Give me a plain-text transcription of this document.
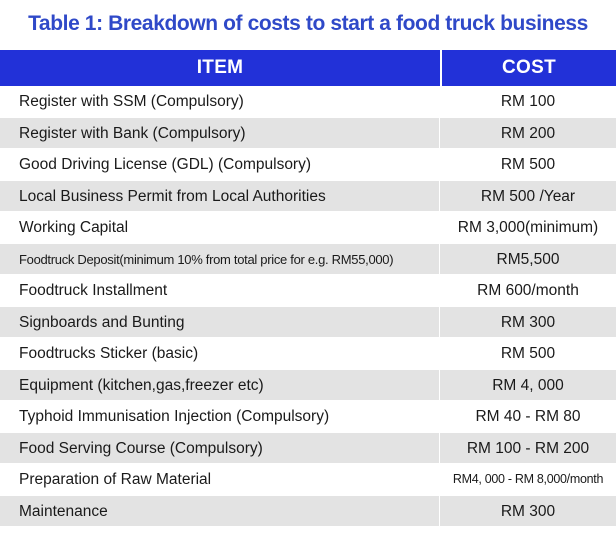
Table 1: Breakdown of costs to start a food truck business
ITEM	COST
Register with SSM (Compulsory)	RM 100
Register with Bank (Compulsory)	RM 200
Good Driving License (GDL) (Compulsory)	RM 500
Local Business Permit from Local Authorities	RM 500 /Year
Working Capital	RM 3,000(minimum)
Foodtruck Deposit(minimum 10% from total price for e.g. RM55,000)	RM5,500
Foodtruck Installment	RM 600/month
Signboards and Bunting	RM 300
Foodtrucks Sticker (basic)	RM 500
Equipment (kitchen,gas,freezer etc)	RM 4, 000
Typhoid Immunisation Injection (Compulsory)	RM 40 - RM 80
Food Serving Course (Compulsory)	RM 100 - RM 200
Preparation of Raw Material	RM4, 000 - RM 8,000/month
Maintenance	RM 300
